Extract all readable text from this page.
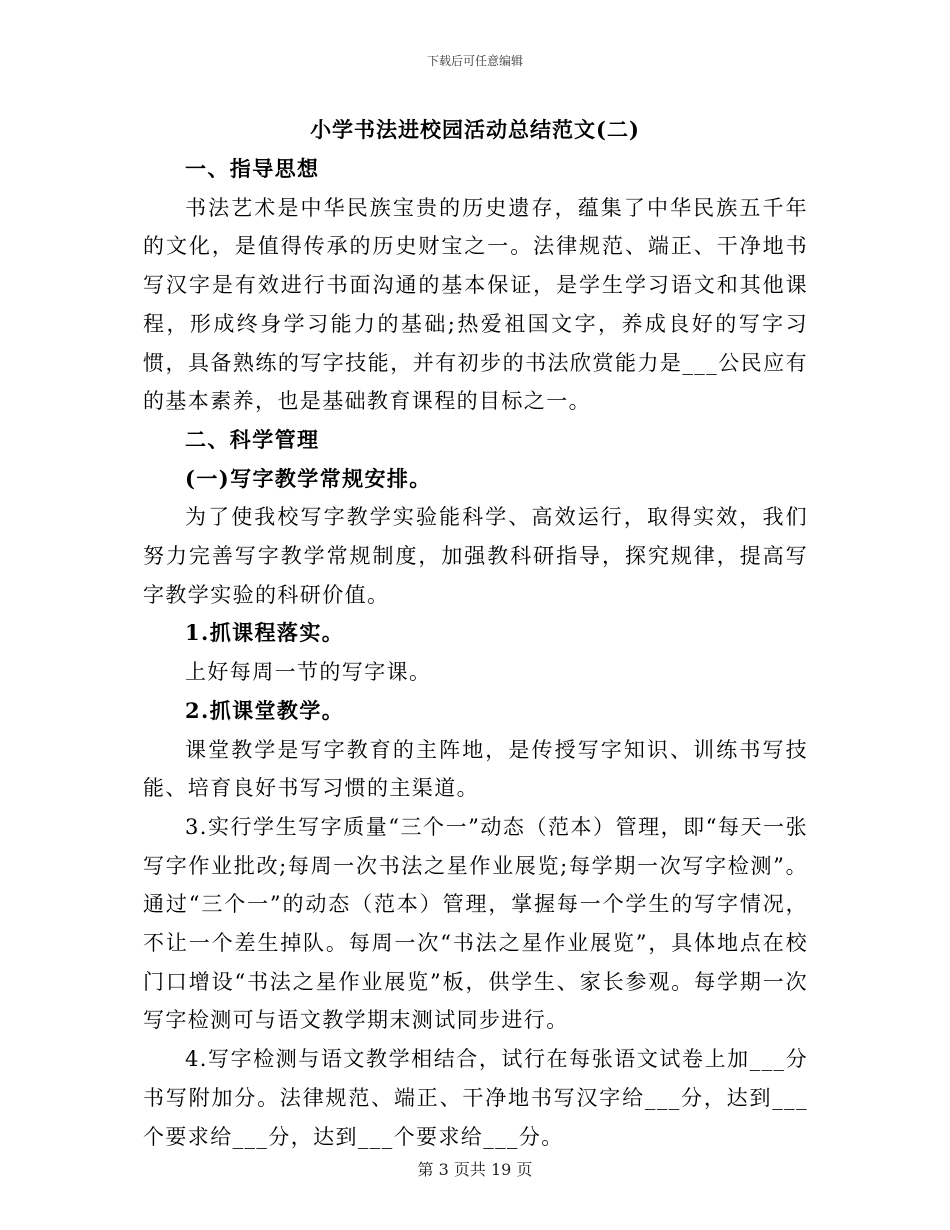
下载后可任意编辑
小学书法进校园活动总结范文(二)

一、指导思想

书法艺术是中华民族宝贵的历史遗存，蕴集了中华民族五千年的文化，是值得传承的历史财宝之一。法律规范、端正、干净地书写汉字是有效进行书面沟通的基本保证，是学生学习语文和其他课程，形成终身学习能力的基础;热爱祖国文字，养成良好的写字习惯，具备熟练的写字技能，并有初步的书法欣赏能力是___公民应有的基本素养，也是基础教育课程的目标之一。

二、科学管理

(一)写字教学常规安排。

为了使我校写字教学实验能科学、高效运行，取得实效，我们努力完善写字教学常规制度，加强教科研指导，探究规律，提高写字教学实验的科研价值。

1.抓课程落实。

上好每周一节的写字课。

2.抓课堂教学。

课堂教学是写字教育的主阵地，是传授写字知识、训练书写技能、培育良好书写习惯的主渠道。

3.实行学生写字质量“三个一”动态（范本）管理，即“每天一张写字作业批改;每周一次书法之星作业展览;每学期一次写字检测”。通过“三个一”的动态（范本）管理，掌握每一个学生的写字情况，不让一个差生掉队。每周一次“书法之星作业展览”，具体地点在校门口增设“书法之星作业展览”板，供学生、家长参观。每学期一次写字检测可与语文教学期末测试同步进行。

4.写字检测与语文教学相结合，试行在每张语文试卷上加___分书写附加分。法律规范、端正、干净地书写汉字给___分，达到___个要求给___分，达到___个要求给___分。

第 3 页共 19 页
